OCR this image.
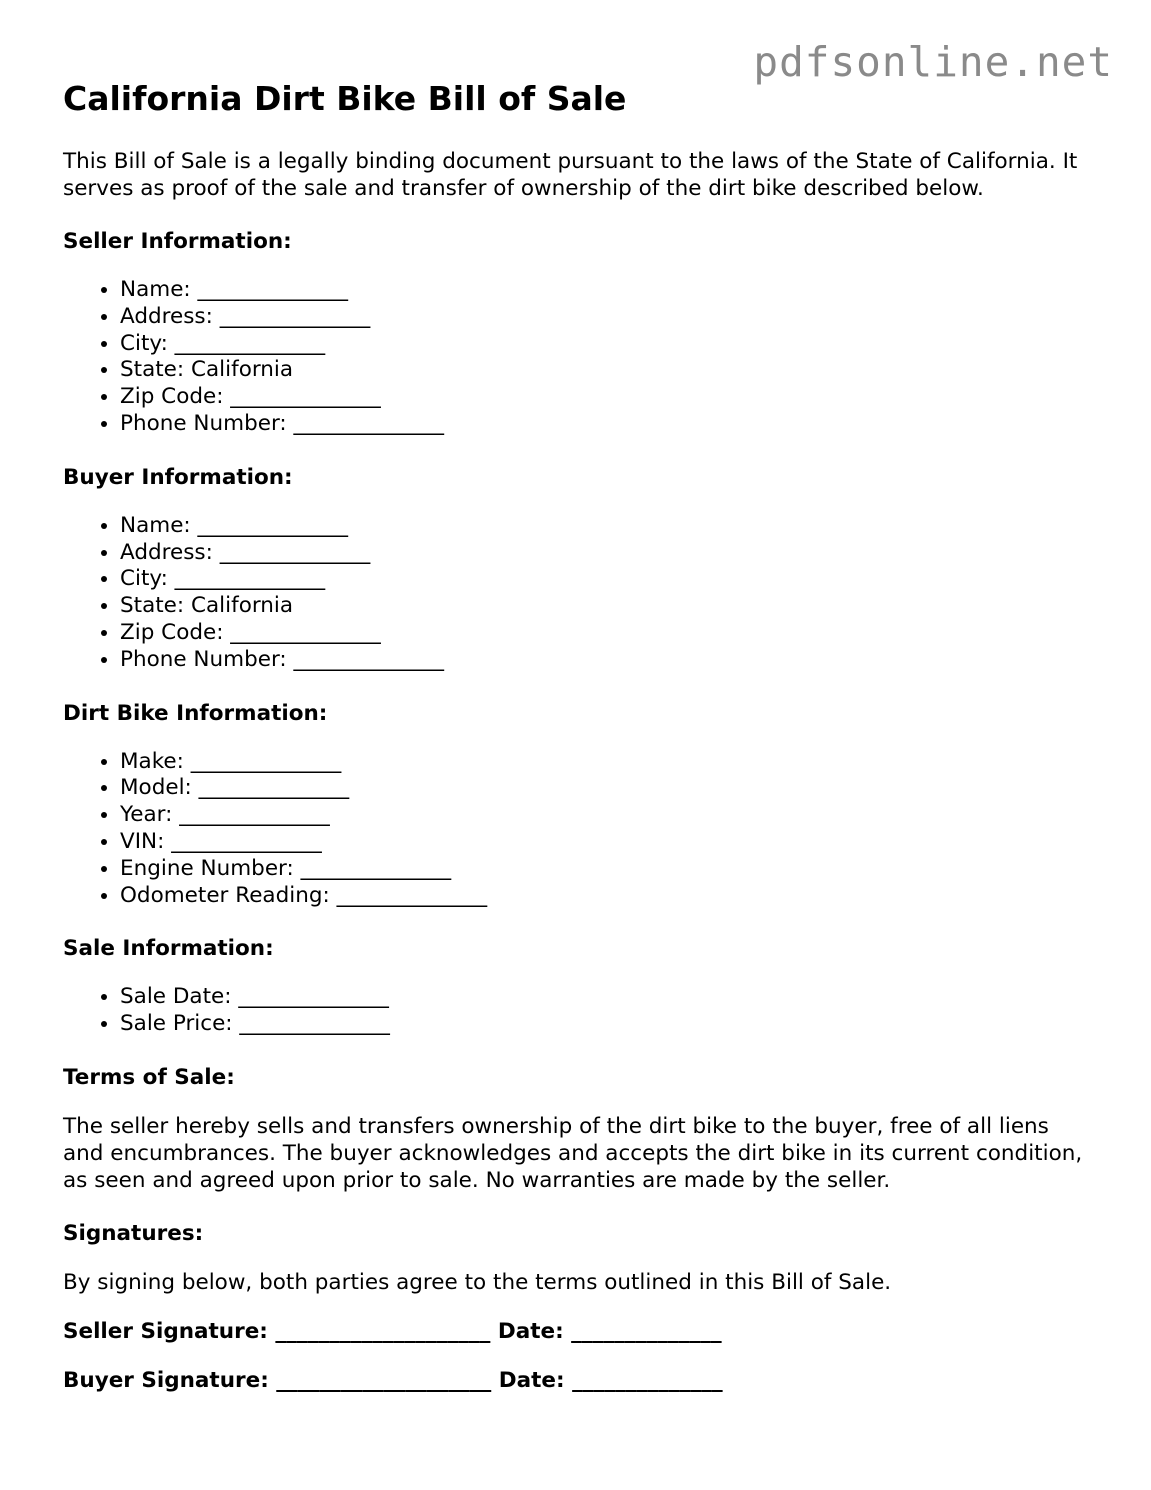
pdfsonline.net
California Dirt Bike Bill of Sale

This Bill of Sale is a legally binding document pursuant to the laws of the State of California. It serves as proof of the sale and transfer of ownership of the dirt bike described below.

Seller Information:
• Name: ______________
• Address: ______________
• City: ______________
• State: California
• Zip Code: ______________
• Phone Number: ______________
Buyer Information:
• Name: ______________
• Address: ______________
• City: ______________
• State: California
• Zip Code: ______________
• Phone Number: ______________
Dirt Bike Information:
• Make: ______________
• Model: ______________
• Year: ______________
• VIN: ______________
• Engine Number: ______________
• Odometer Reading: ______________
Sale Information:
• Sale Date: ______________
• Sale Price: ______________
Terms of Sale:

The seller hereby sells and transfers ownership of the dirt bike to the buyer, free of all liens and encumbrances. The buyer acknowledges and accepts the dirt bike in its current condition, as seen and agreed upon prior to sale. No warranties are made by the seller.

Signatures:

By signing below, both parties agree to the terms outlined in this Bill of Sale.

Seller Signature: ____________________ Date: ______________
Buyer Signature: ____________________ Date: ______________
